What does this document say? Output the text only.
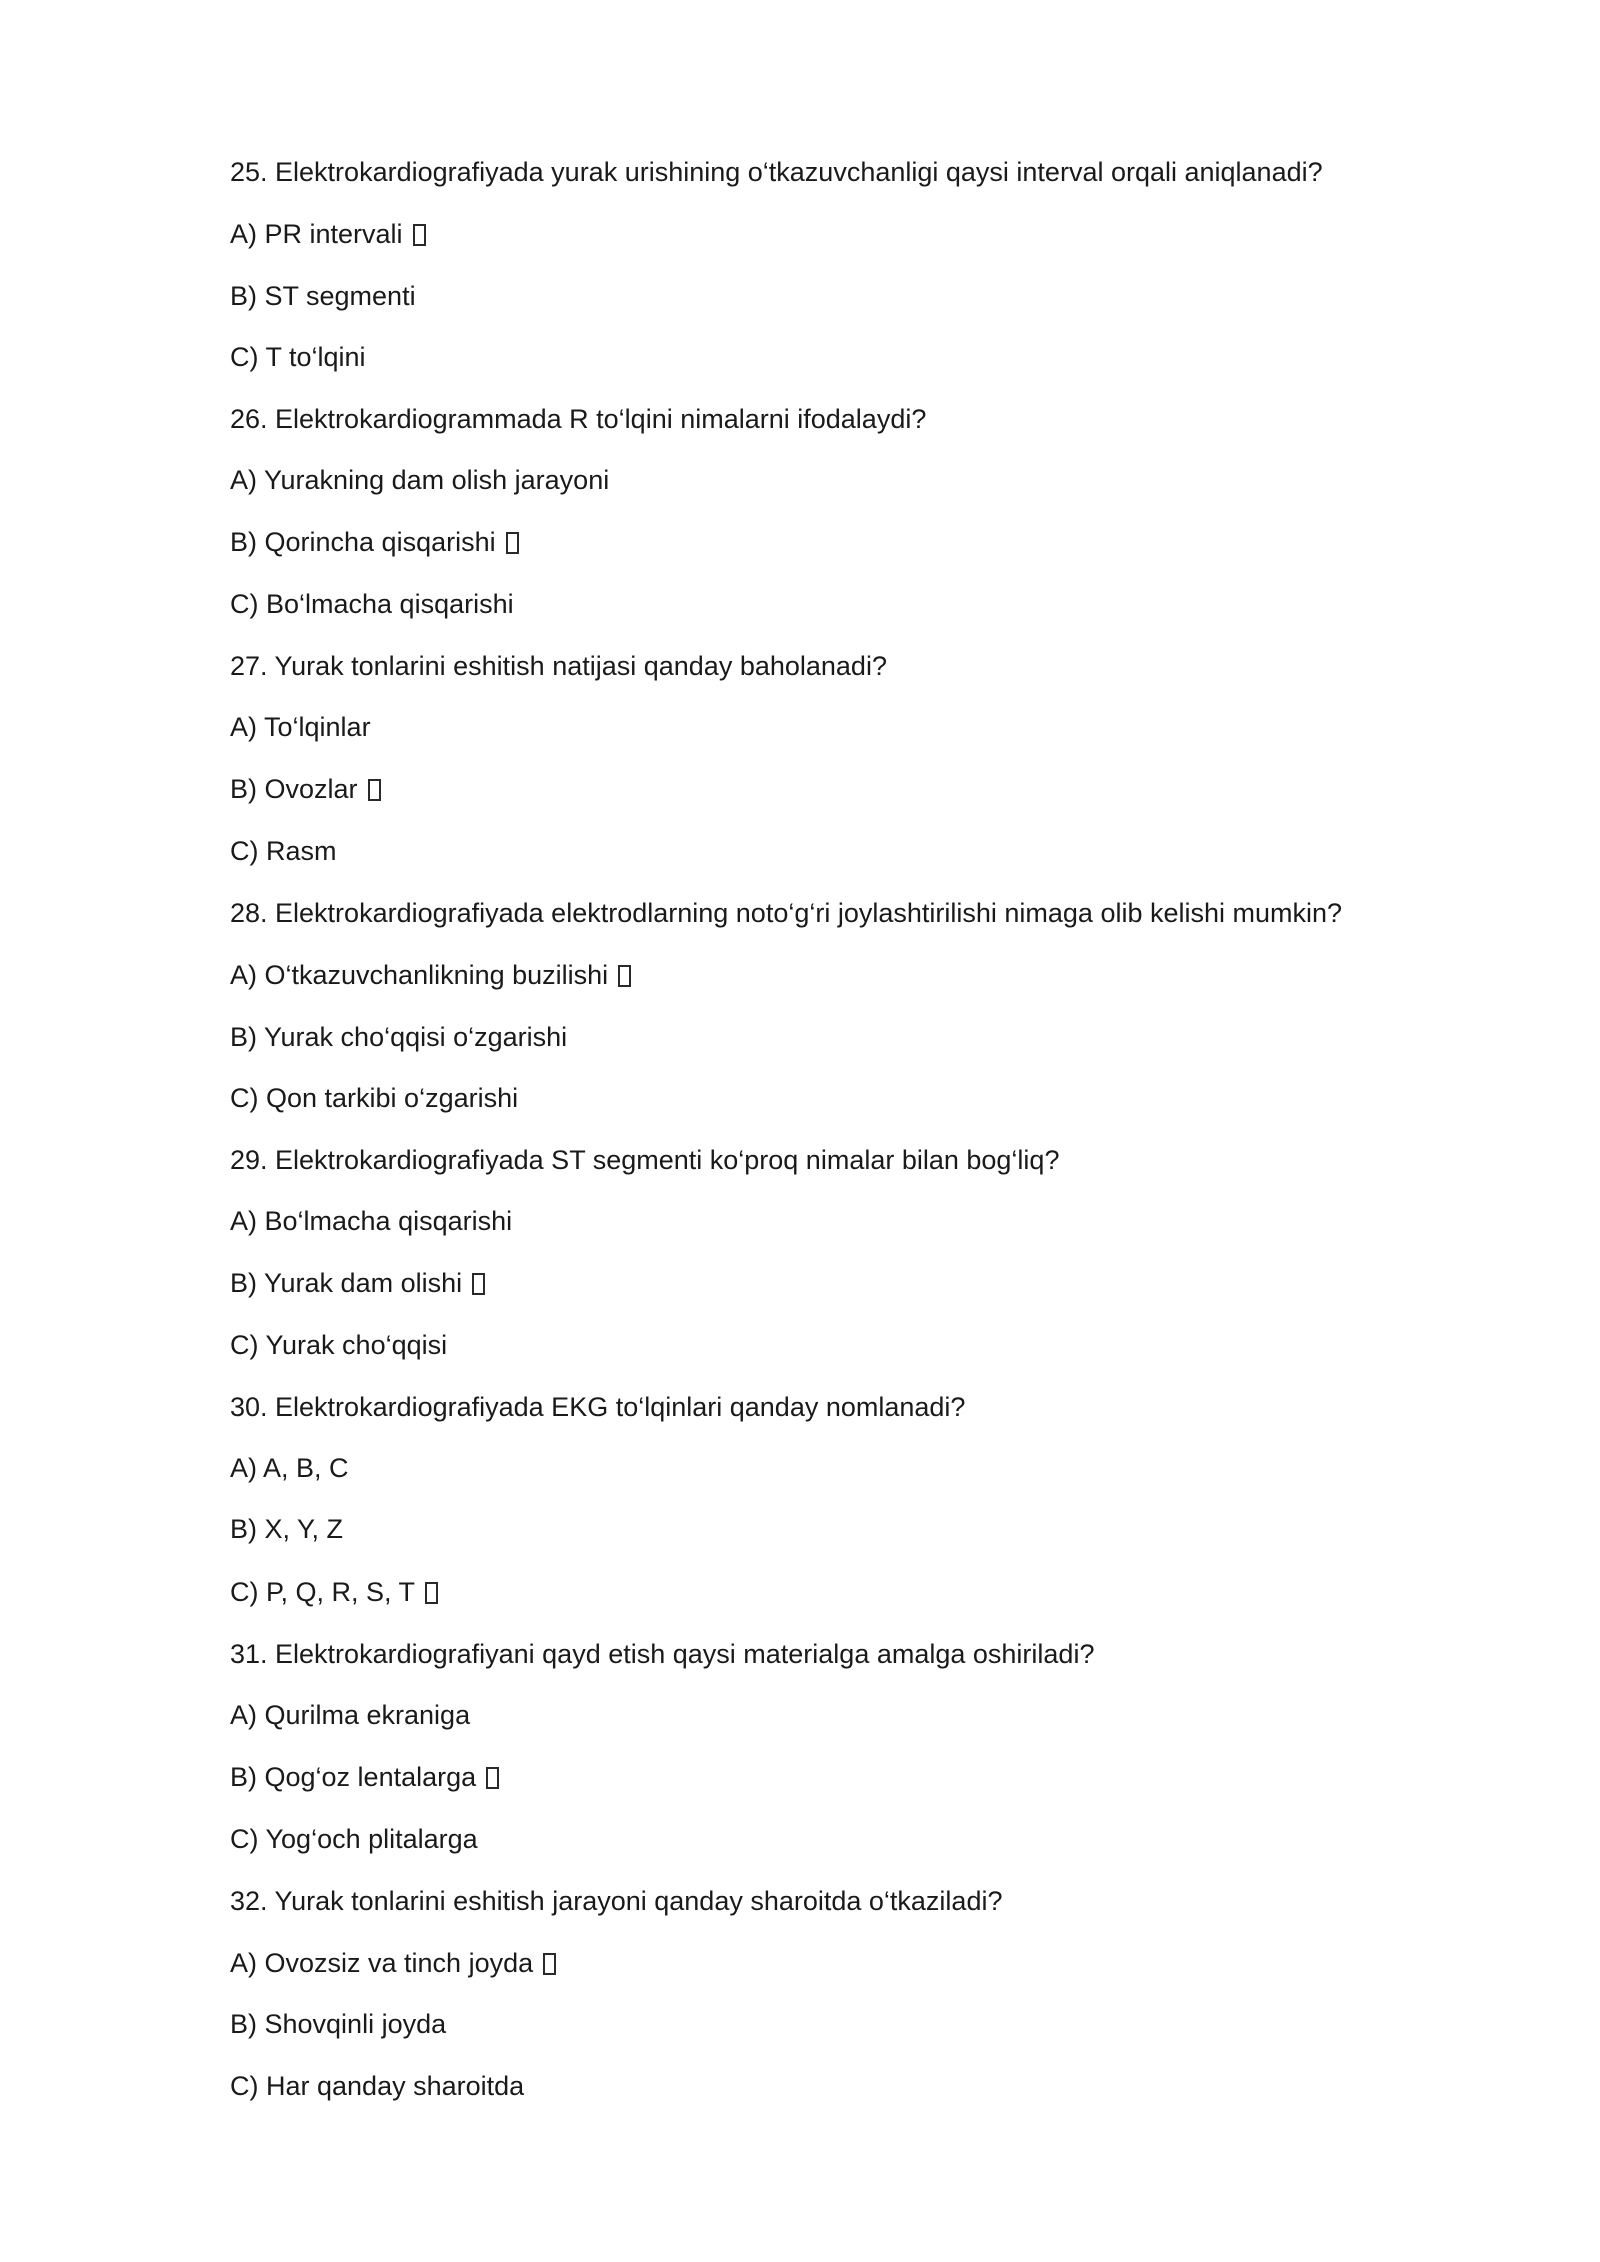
25. Elektrokardiografiyada yurak urishining o‘tkazuvchanligi qaysi interval orqali aniqlanadi?
A) PR intervali
B) ST segmenti
C) T to‘lqini
26. Elektrokardiogrammada R to‘lqini nimalarni ifodalaydi?
A) Yurakning dam olish jarayoni
B) Qorincha qisqarishi
C) Bo‘lmacha qisqarishi
27. Yurak tonlarini eshitish natijasi qanday baholanadi?
A) To‘lqinlar
B) Ovozlar
C) Rasm
28. Elektrokardiografiyada elektrodlarning noto‘g‘ri joylashtirilishi nimaga olib kelishi mumkin?
A) O‘tkazuvchanlikning buzilishi
B) Yurak cho‘qqisi o‘zgarishi
C) Qon tarkibi o‘zgarishi
29. Elektrokardiografiyada ST segmenti ko‘proq nimalar bilan bog‘liq?
A) Bo‘lmacha qisqarishi
B) Yurak dam olishi
C) Yurak cho‘qqisi
30. Elektrokardiografiyada EKG to‘lqinlari qanday nomlanadi?
A) A, B, C
B) X, Y, Z
C) P, Q, R, S, T
31. Elektrokardiografiyani qayd etish qaysi materialga amalga oshiriladi?
A) Qurilma ekraniga
B) Qog‘oz lentalarga
C) Yog‘och plitalarga
32. Yurak tonlarini eshitish jarayoni qanday sharoitda o‘tkaziladi?
A) Ovozsiz va tinch joyda
B) Shovqinli joyda
C) Har qanday sharoitda
